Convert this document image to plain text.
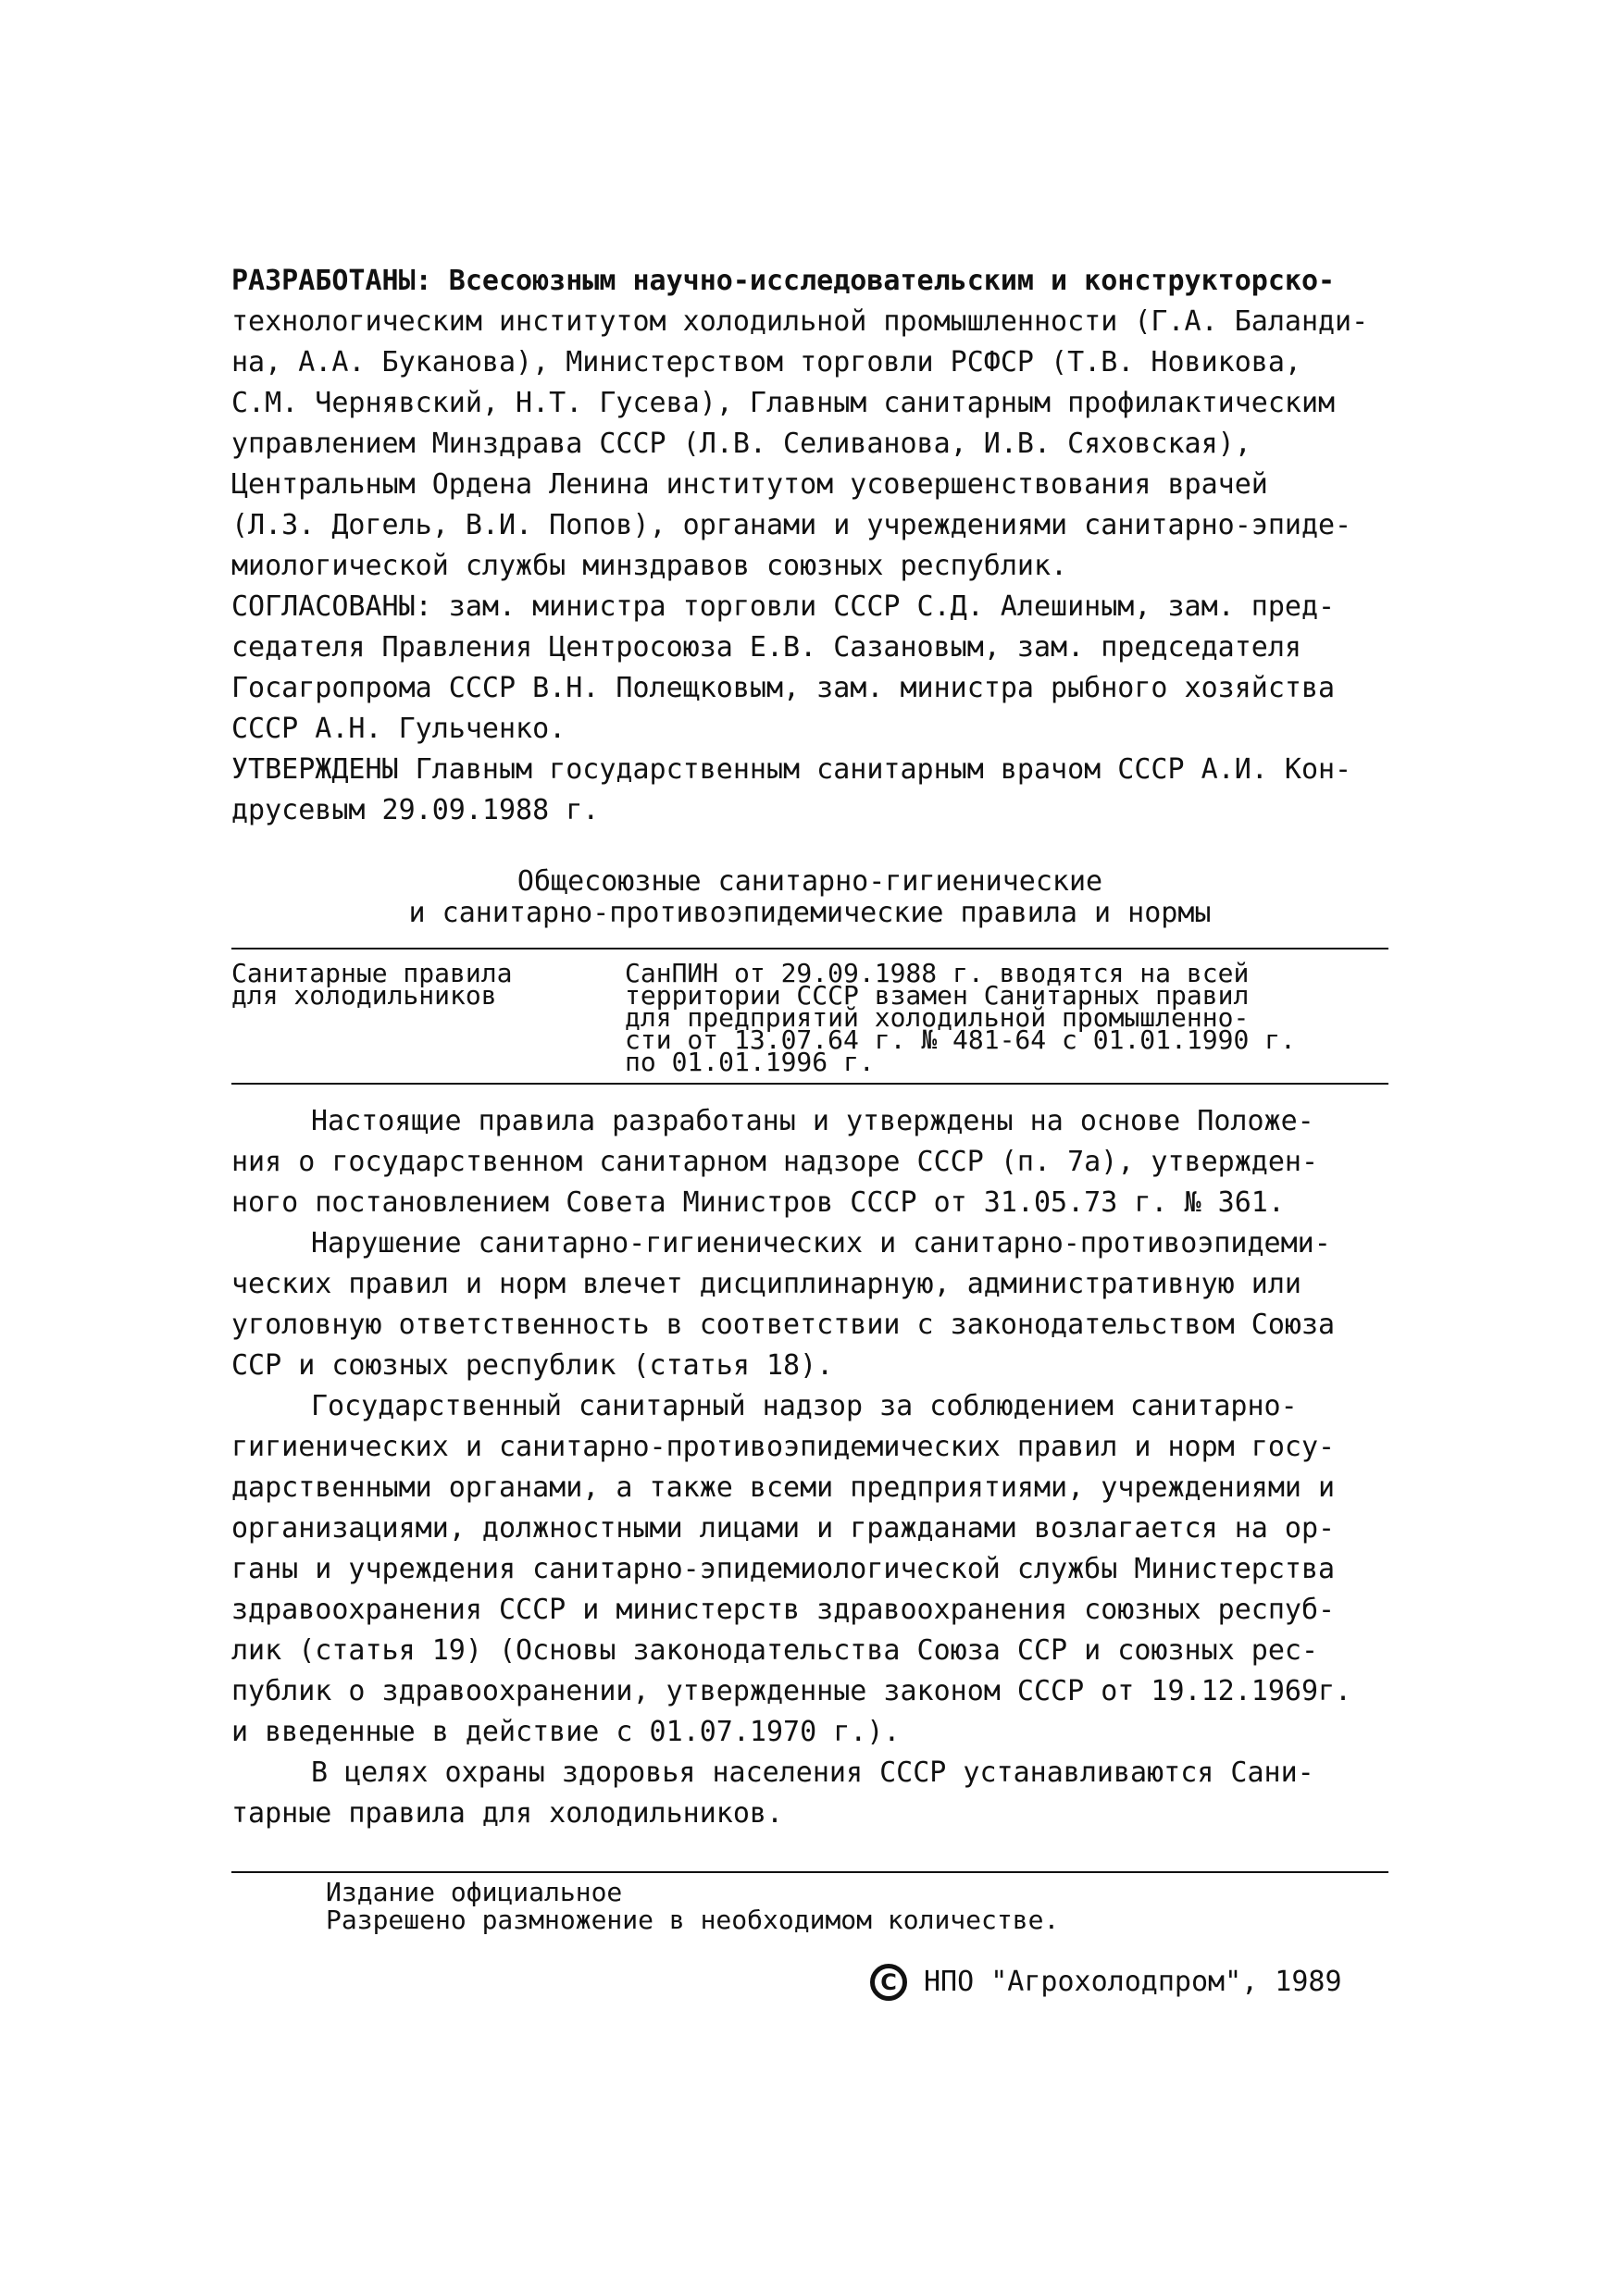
РАЗРАБОТАНЫ: Всесоюзным научно-исследовательским и конструкторско-
технологическим институтом холодильной промышленности (Г.А. Баланди-
на, А.А. Буканова), Министерством торговли РСФСР (Т.В. Новикова,
С.М. Чернявский, Н.Т. Гусева), Главным санитарным профилактическим
управлением Минздрава СССР (Л.В. Селиванова, И.В. Сяховская),
Центральным Ордена Ленина институтом усовершенствования врачей
(Л.З. Догель, В.И. Попов), органами и учреждениями санитарно-эпиде-
миологической службы минздравов союзных республик.
СОГЛАСОВАНЫ: зам. министра торговли СССР С.Д. Алешиным, зам. пред-
седателя Правления Центросоюза Е.В. Сазановым, зам. председателя
Госагропрома СССР В.Н. Полещковым, зам. министра рыбного хозяйства
СССР А.Н. Гульченко.
УТВЕРЖДЕНЫ Главным государственным санитарным врачом СССР А.И. Кон-
друсевым 29.09.1988 г.
Общесоюзные санитарно-гигиенические
и санитарно-противоэпидемические правила и нормы
Санитарные правила
для холодильников
СанПИН от 29.09.1988 г. вводятся на всей
территории СССР взамен Санитарных правил
для предприятий холодильной промышленно-
сти от 13.07.64 г. № 481-64 с 01.01.1990 г.
по 01.01.1996 г.
Настоящие правила разработаны и утверждены на основе Положе-
ния о государственном санитарном надзоре СССР (п. 7а), утвержден-
ного постановлением Совета Министров СССР от 31.05.73 г. № 361.
Нарушение санитарно-гигиенических и санитарно-противоэпидеми-
ческих правил и норм влечет дисциплинарную, административную или
уголовную ответственность в соответствии с законодательством Союза
ССР и союзных республик (статья 18).
Государственный санитарный надзор за соблюдением санитарно-
гигиенических и санитарно-противоэпидемических правил и норм госу-
дарственными органами, а также всеми предприятиями, учреждениями и
организациями, должностными лицами и гражданами возлагается на ор-
ганы и учреждения санитарно-эпидемиологической службы Министерства
здравоохранения СССР и министерств здравоохранения союзных респуб-
лик (статья 19) (Основы законодательства Союза ССР и союзных рес-
публик о здравоохранении, утвержденные законом СССР от 19.12.1969г.
и введенные в действие с 01.07.1970 г.).
В целях охраны здоровья населения СССР устанавливаются Сани-
тарные правила для холодильников.
Издание официальное
Разрешено размножение в необходимом количестве.
C НПО "Агрохолодпром", 1989
